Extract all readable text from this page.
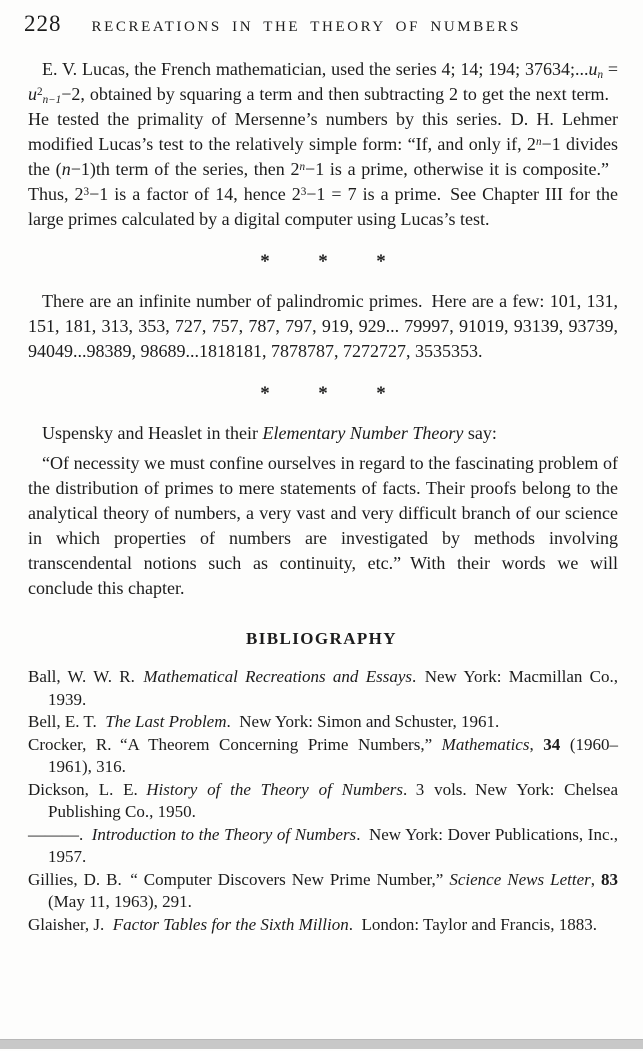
228 RECREATIONS IN THE THEORY OF NUMBERS

E. V. Lucas, the French mathematician, used the series 4; 14; 194; 37634;...un = $u^2n-1-2$, obtained by squaring a term and then subtracting 2 to get the next term. He tested the primality of Mersenne’s numbers by this series. D. H. Lehmer modified Lucas’s test to the relatively simple form: “If, and only if, $2^n-1$ divides the (n−1)th term of the series, then $2^n-1$ is a prime, otherwise it is composite.” Thus, $2^3-1$ is a factor of 14, hence $2^3-1 = 7$ is a prime. See Chapter III for the large primes calculated by a digital computer using Lucas’s test.

* * *

There are an infinite number of palindromic primes. Here are a few: 101, 131, 151, 181, 313, 353, 727, 757, 787, 797, 919, 929... 79997, 91019, 93139, 93739, 94049...98389, 98689...1818181, 7878787, 7272727, 3535353.

* * *

Uspensky and Heaslet in their Elementary Number Theory say:

“Of necessity we must confine ourselves in regard to the fascinating problem of the distribution of primes to mere statements of facts. Their proofs belong to the analytical theory of numbers, a very vast and very difficult branch of our science in which properties of numbers are investigated by methods involving transcendental notions such as continuity, etc.” With their words we will conclude this chapter.

BIBLIOGRAPHY

Ball, W. W. R. Mathematical Recreations and Essays. New York: Macmillan Co., 1939.

Bell, E. T. The Last Problem. New York: Simon and Schuster, 1961.

Crocker, R. “A Theorem Concerning Prime Numbers,” Mathematics, 34 (1960–1961), 316.

Dickson, L. E. History of the Theory of Numbers. 3 vols. New York: Chelsea Publishing Co., 1950.

———. Introduction to the Theory of Numbers. New York: Dover Publications, Inc., 1957.

Gillies, D. B. “ Computer Discovers New Prime Number,” Science News Letter, 83 (May 11, 1963), 291.

Glaisher, J. Factor Tables for the Sixth Million. London: Taylor and Francis, 1883.
